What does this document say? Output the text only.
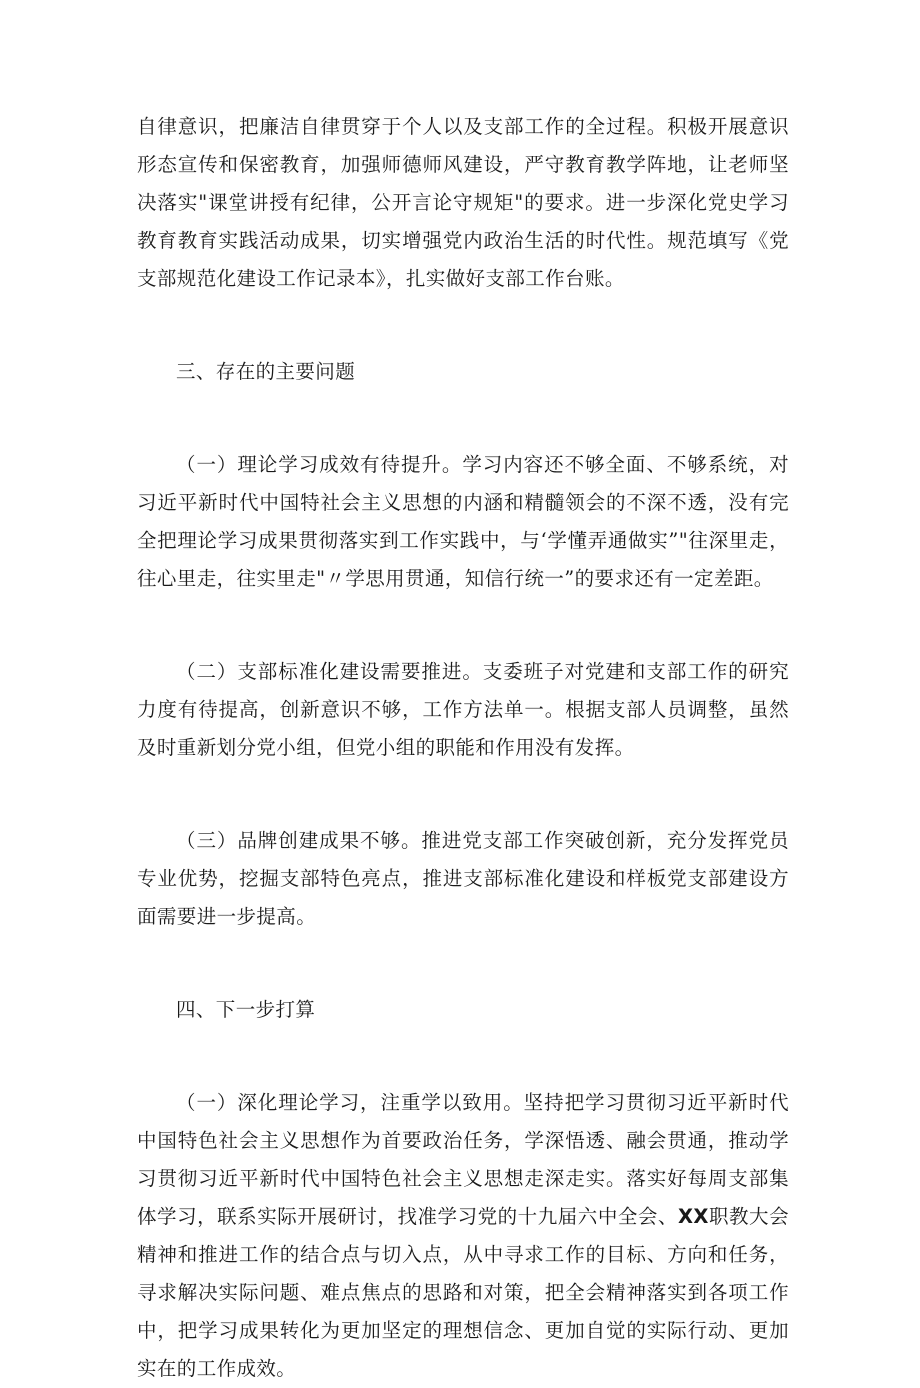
自律意识，把廉洁自律贯穿于个人以及支部工作的全过程。积极开展意识形态宣传和保密教育，加强师德师风建设，严守教育教学阵地，让老师坚决落实"课堂讲授有纪律，公开言论守规矩"的要求。进一步深化党史学习教育教育实践活动成果，切实增强党内政治生活的时代性。规范填写《党支部规范化建设工作记录本》，扎实做好支部工作台账。

三、存在的主要问题

（一）理论学习成效有待提升。学习内容还不够全面、不够系统，对习近平新时代中国特社会主义思想的内涵和精髓领会的不深不透，没有完全把理论学习成果贯彻落实到工作实践中，与‘学懂弄通做实”"往深里走，往心里走，往实里走"〃学思用贯通，知信行统一”的要求还有一定差距。

（二）支部标准化建设需要推进。支委班子对党建和支部工作的研究力度有待提高，创新意识不够，工作方法单一。根据支部人员调整，虽然及时重新划分党小组，但党小组的职能和作用没有发挥。

（三）品牌创建成果不够。推进党支部工作突破创新，充分发挥党员专业优势，挖掘支部特色亮点，推进支部标准化建设和样板党支部建设方面需要进一步提高。

四、下一步打算

（一）深化理论学习，注重学以致用。坚持把学习贯彻习近平新时代中国特色社会主义思想作为首要政治任务，学深悟透、融会贯通，推动学习贯彻习近平新时代中国特色社会主义思想走深走实。落实好每周支部集体学习，联系实际开展研讨，找准学习党的十九届六中全会、XX职教大会精神和推进工作的结合点与切入点，从中寻求工作的目标、方向和任务，寻求解决实际问题、难点焦点的思路和对策，把全会精神落实到各项工作中，把学习成果转化为更加坚定的理想信念、更加自觉的实际行动、更加实在的工作成效。
